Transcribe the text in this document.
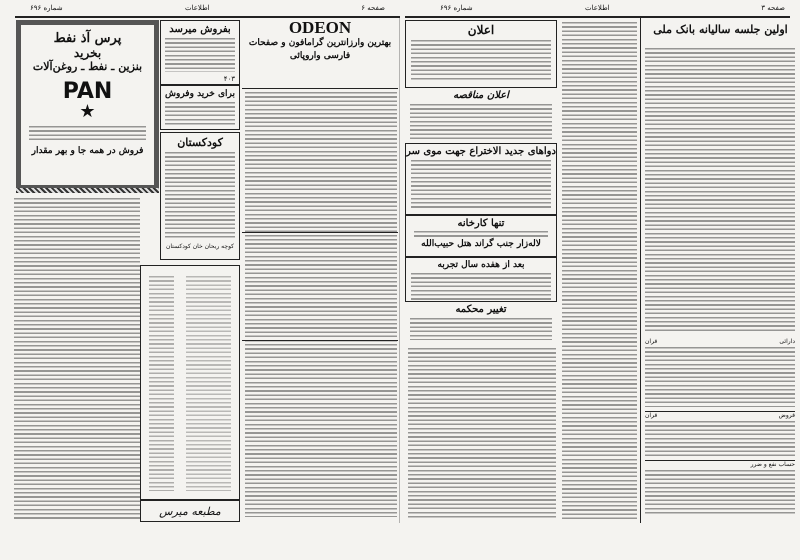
صفحه ۶
اطلاعات
شماره ۶۹۶
پرس آذ نفط
بخرید
بنزین ـ نفط ـ روغن‌آلات
PAN
★
فروش در همه جا و بهر مقدار
بفروش میرسد
۴۰۳
برای خرید وفروش
کودکستان
کوچه ریحان خان کودکستان
مطبعه میرس
ODEON
بهترین وارزانترین گرامافون و صفحات
فارسی واروپائی
صفحه ۳
اطلاعات
شماره ۶۹۶
اعلان
اعلان مناقصه
دواهای جدید الاختراع جهت موی سر
تنها کارخانه
لاله‌زار جنب گراند هتل حبیب‌الله
بعد از هفده سال تجربه
تغییر محکمه
اولین جلسه سالیانه بانک ملی
دارائی
قران
قروض
قران
حساب نفع و ضرر
